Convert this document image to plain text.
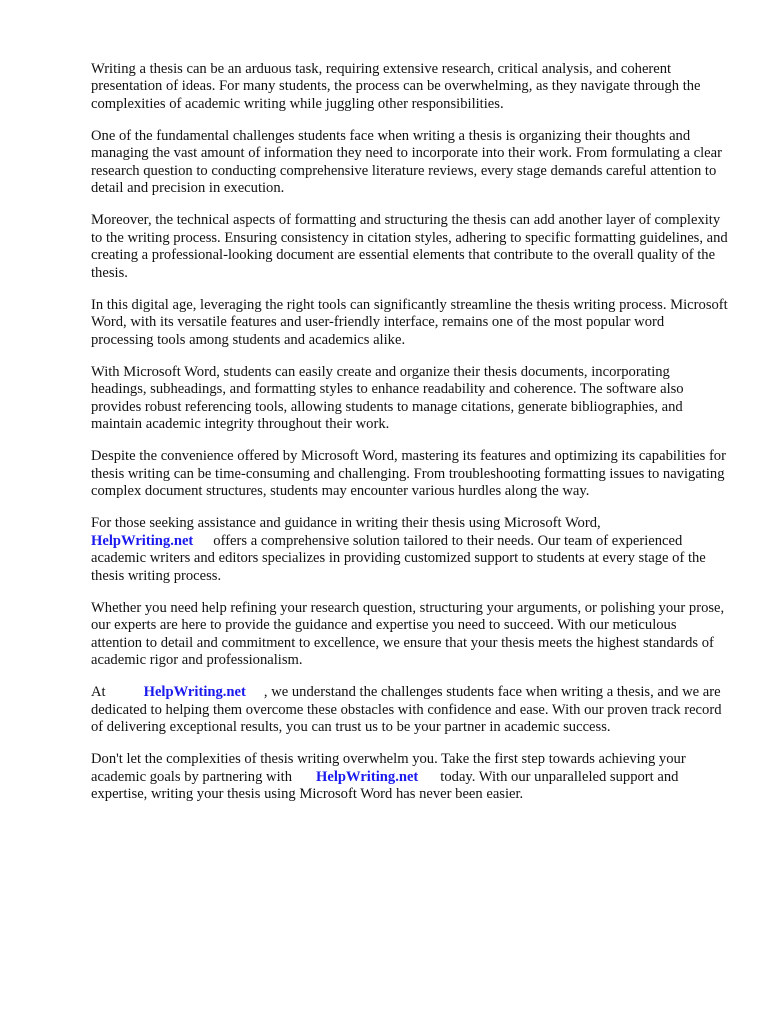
Writing a thesis can be an arduous task, requiring extensive research, critical analysis, and coherent presentation of ideas. For many students, the process can be overwhelming, as they navigate through the complexities of academic writing while juggling other responsibilities.

One of the fundamental challenges students face when writing a thesis is organizing their thoughts and managing the vast amount of information they need to incorporate into their work. From formulating a clear research question to conducting comprehensive literature reviews, every stage demands careful attention to detail and precision in execution.

Moreover, the technical aspects of formatting and structuring the thesis can add another layer of complexity to the writing process. Ensuring consistency in citation styles, adhering to specific formatting guidelines, and creating a professional-looking document are essential elements that contribute to the overall quality of the thesis.

In this digital age, leveraging the right tools can significantly streamline the thesis writing process. Microsoft Word, with its versatile features and user-friendly interface, remains one of the most popular word processing tools among students and academics alike.

With Microsoft Word, students can easily create and organize their thesis documents, incorporating headings, subheadings, and formatting styles to enhance readability and coherence. The software also provides robust referencing tools, allowing students to manage citations, generate bibliographies, and maintain academic integrity throughout their work.

Despite the convenience offered by Microsoft Word, mastering its features and optimizing its capabilities for thesis writing can be time-consuming and challenging. From troubleshooting formatting issues to navigating complex document structures, students may encounter various hurdles along the way.

For those seeking assistance and guidance in writing their thesis using Microsoft Word,
HelpWriting.net offers a comprehensive solution tailored to their needs. Our team of experienced academic writers and editors specializes in providing customized support to students at every stage of the thesis writing process.

Whether you need help refining your research question, structuring your arguments, or polishing your prose, our experts are here to provide the guidance and expertise you need to succeed. With our meticulous attention to detail and commitment to excellence, we ensure that your thesis meets the highest standards of academic rigor and professionalism.

At	HelpWriting.net , we understand the challenges students face when writing a thesis, and we are dedicated to helping them overcome these obstacles with confidence and ease. With our proven track record of delivering exceptional results, you can trust us to be your partner in academic success.

Don't let the complexities of thesis writing overwhelm you. Take the first step towards achieving your academic goals by partnering with HelpWriting.net today. With our unparalleled support and expertise, writing your thesis using Microsoft Word has never been easier.
